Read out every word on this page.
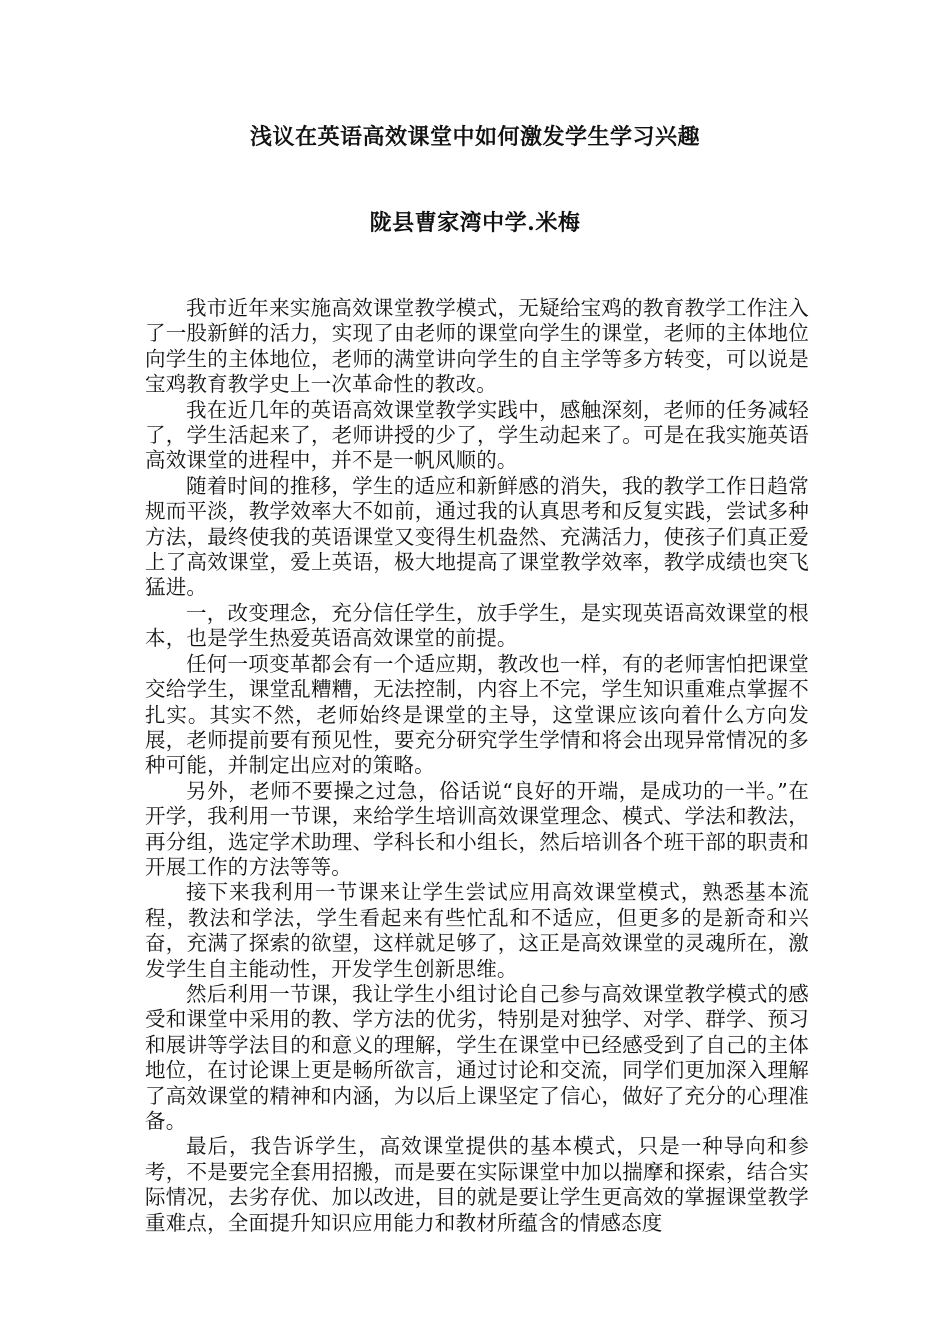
浅议在英语高效课堂中如何激发学生学习兴趣
陇县曹家湾中学.米梅

我市近年来实施高效课堂教学模式，无疑给宝鸡的教育教学工作注入了一股新鲜的活力，实现了由老师的课堂向学生的课堂，老师的主体地位向学生的主体地位，老师的满堂讲向学生的自主学等多方转变，可以说是宝鸡教育教学史上一次革命性的教改。

我在近几年的英语高效课堂教学实践中，感触深刻，老师的任务减轻了，学生活起来了，老师讲授的少了，学生动起来了。可是在我实施英语高效课堂的进程中，并不是一帆风顺的。

随着时间的推移，学生的适应和新鲜感的消失，我的教学工作日趋常规而平淡，教学效率大不如前，通过我的认真思考和反复实践，尝试多种方法，最终使我的英语课堂又变得生机盎然、充满活力，使孩子们真正爱上了高效课堂，爱上英语，极大地提高了课堂教学效率，教学成绩也突飞猛进。

一，改变理念，充分信任学生，放手学生，是实现英语高效课堂的根本，也是学生热爱英语高效课堂的前提。

任何一项变革都会有一个适应期，教改也一样，有的老师害怕把课堂交给学生，课堂乱糟糟，无法控制，内容上不完，学生知识重难点掌握不扎实。其实不然，老师始终是课堂的主导，这堂课应该向着什么方向发展，老师提前要有预见性，要充分研究学生学情和将会出现异常情况的多种可能，并制定出应对的策略。

另外，老师不要操之过急，俗话说“良好的开端，是成功的一半。”在开学，我利用一节课，来给学生培训高效课堂理念、模式、学法和教法，再分组，选定学术助理、学科长和小组长，然后培训各个班干部的职责和开展工作的方法等等。

接下来我利用一节课来让学生尝试应用高效课堂模式，熟悉基本流程，教法和学法，学生看起来有些忙乱和不适应，但更多的是新奇和兴奋，充满了探索的欲望，这样就足够了，这正是高效课堂的灵魂所在，激发学生自主能动性，开发学生创新思维。

然后利用一节课，我让学生小组讨论自己参与高效课堂教学模式的感受和课堂中采用的教、学方法的优劣，特别是对独学、对学、群学、预习和展讲等学法目的和意义的理解，学生在课堂中已经感受到了自己的主体地位，在讨论课上更是畅所欲言，通过讨论和交流，同学们更加深入理解了高效课堂的精神和内涵，为以后上课坚定了信心，做好了充分的心理准备。

最后，我告诉学生，高效课堂提供的基本模式，只是一种导向和参考，不是要完全套用招搬，而是要在实际课堂中加以揣摩和探索，结合实际情况，去劣存优、加以改进，目的就是要让学生更高效的掌握课堂教学重难点，全面提升知识应用能力和教材所蕴含的情感态度
